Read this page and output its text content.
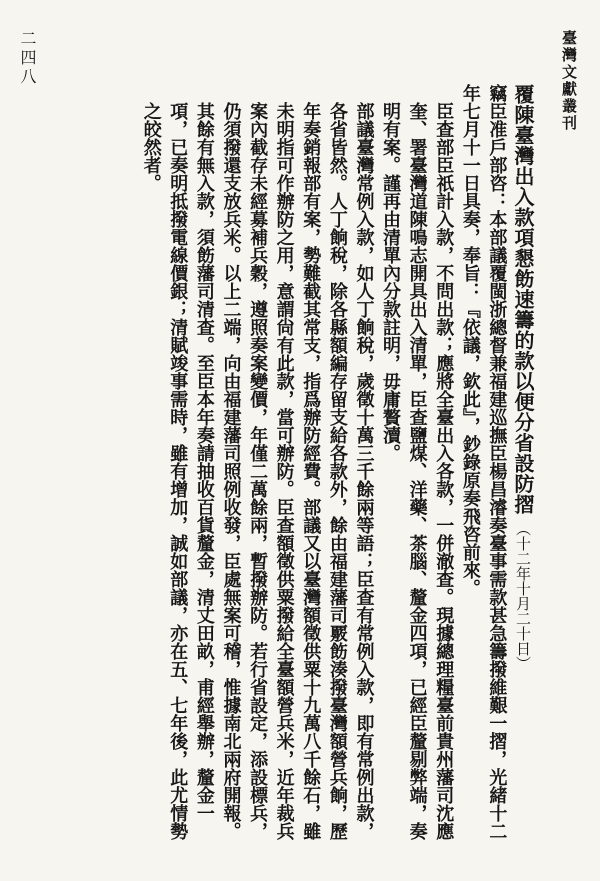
臺灣文獻叢刊
二四八
覆陳臺灣出入款項懇飭速籌的款以便分省設防摺（十二年十月二十日）
竊臣准戶部咨：本部議覆閩浙總督兼福建巡撫臣楊昌濬奏臺事需款甚急籌撥維艱一摺，光緒十二年七月十一日具奏，奉旨：『依議，欽此』，鈔錄原奏飛咨前來。
臣查部臣祇計入款，不問出款；應將全臺出入各款，一併澈查。現據總理糧臺前貴州藩司沈應奎、署臺灣道陳鳴志開具出入清單，臣查鹽煤、洋藥、茶腦、釐金四項，已經臣釐剔弊端，奏明有案。謹再由清單內分款註明，毋庸贅瀆。
部議臺灣常例入款，如人丁餉稅，歲徵十萬三千餘兩等語；臣查有常例入款，即有常例出款，各省皆然。人丁餉稅，除各縣額編存留支給各款外，餘由福建藩司覈飭湊撥臺灣額營兵餉，歷年奏銷報部有案，勢難截其常支，指爲辦防經費。部議又以臺灣額徵供粟十九萬八千餘石，雖未明指可作辦防之用，意謂尙有此款，當可辦防。臣查額徵供粟撥給全臺額營兵米，近年裁兵案內截存未經募補兵穀，遵照奏案變價，年僅二萬餘兩，暫撥辦防。若行省設定，添設標兵，仍須撥還支放兵米。以上二端，向由福建藩司照例收發，臣處無案可稽，惟據南北兩府開報。其餘有無入款，須飭藩司清查。至臣本年奏請抽收百貨釐金，清丈田畝，甫經舉辦，釐金一項，已奏明抵撥電線價銀；清賦竣事需時，雖有增加，誠如部議，亦在五、七年後，此尤情勢之皎然者。
